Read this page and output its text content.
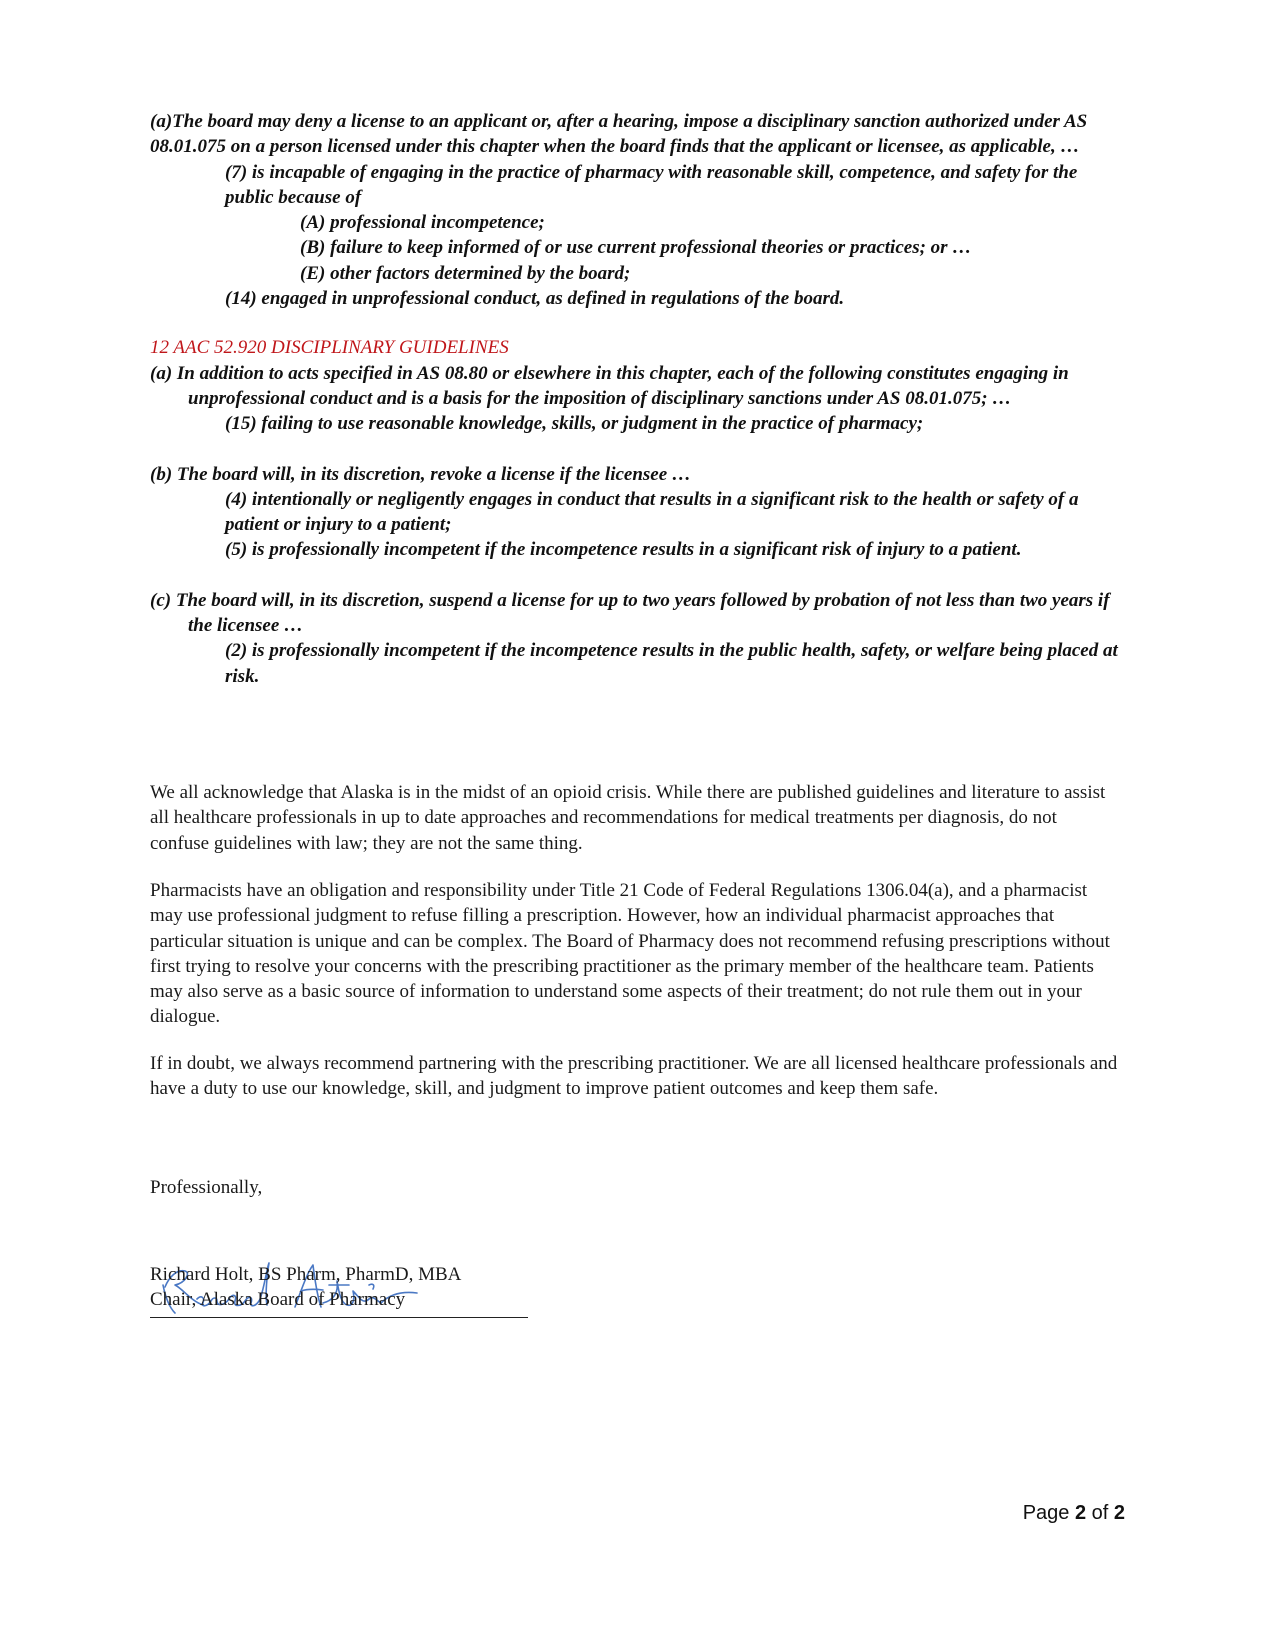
(a)The board may deny a license to an applicant or, after a hearing, impose a disciplinary sanction authorized under AS 08.01.075 on a person licensed under this chapter when the board finds that the applicant or licensee, as applicable, …

(7) is incapable of engaging in the practice of pharmacy with reasonable skill, competence, and safety for the public because of

(A) professional incompetence;

(B) failure to keep informed of or use current professional theories or practices; or …

(E) other factors determined by the board;

(14) engaged in unprofessional conduct, as defined in regulations of the board.

12 AAC 52.920 DISCIPLINARY GUIDELINES

(a) In addition to acts specified in AS 08.80 or elsewhere in this chapter, each of the following constitutes engaging in unprofessional conduct and is a basis for the imposition of disciplinary sanctions under AS 08.01.075; …

(15) failing to use reasonable knowledge, skills, or judgment in the practice of pharmacy;

(b) The board will, in its discretion, revoke a license if the licensee …

(4) intentionally or negligently engages in conduct that results in a significant risk to the health or safety of a patient or injury to a patient;

(5) is professionally incompetent if the incompetence results in a significant risk of injury to a patient.

(c) The board will, in its discretion, suspend a license for up to two years followed by probation of not less than two years if the licensee …

(2) is professionally incompetent if the incompetence results in the public health, safety, or welfare being placed at risk.

We all acknowledge that Alaska is in the midst of an opioid crisis. While there are published guidelines and literature to assist all healthcare professionals in up to date approaches and recommendations for medical treatments per diagnosis, do not confuse guidelines with law; they are not the same thing.

Pharmacists have an obligation and responsibility under Title 21 Code of Federal Regulations 1306.04(a), and a pharmacist may use professional judgment to refuse filling a prescription. However, how an individual pharmacist approaches that particular situation is unique and can be complex. The Board of Pharmacy does not recommend refusing prescriptions without first trying to resolve your concerns with the prescribing practitioner as the primary member of the healthcare team. Patients may also serve as a basic source of information to understand some aspects of their treatment; do not rule them out in your dialogue.

If in doubt, we always recommend partnering with the prescribing practitioner. We are all licensed healthcare professionals and have a duty to use our knowledge, skill, and judgment to improve patient outcomes and keep them safe.

Professionally,

Richard Holt, BS Pharm, PharmD, MBA

Chair, Alaska Board of Pharmacy

Page 2 of 2
